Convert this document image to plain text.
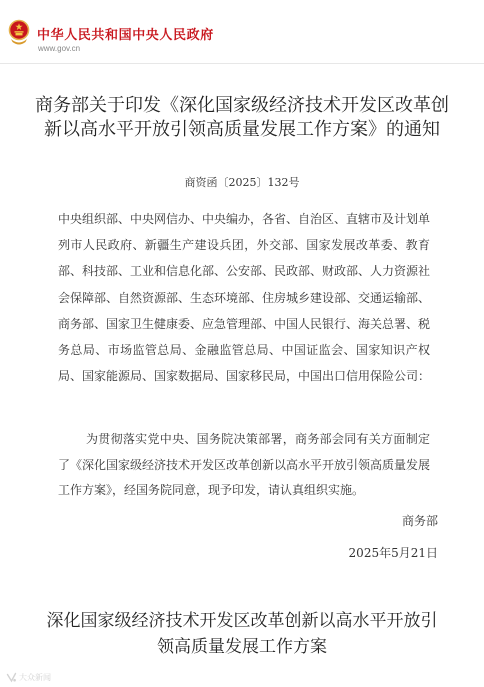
中华人民共和国中央人民政府
www.gov.cn
商务部关于印发《深化国家级经济技术开发区改革创新以高水平开放引领高质量发展工作方案》的通知
商资函〔2025〕132号

中央组织部、中央网信办、中央编办，各省、自治区、直辖市及计划单列市人民政府、新疆生产建设兵团，外交部、国家发展改革委、教育部、科技部、工业和信息化部、公安部、民政部、财政部、人力资源社会保障部、自然资源部、生态环境部、住房城乡建设部、交通运输部、商务部、国家卫生健康委、应急管理部、中国人民银行、海关总署、税务总局、市场监管总局、金融监管总局、中国证监会、国家知识产权局、国家能源局、国家数据局、国家移民局，中国出口信用保险公司：

为贯彻落实党中央、国务院决策部署，商务部会同有关方面制定了《深化国家级经济技术开发区改革创新以高水平开放引领高质量发展工作方案》，经国务院同意，现予印发，请认真组织实施。

商务部
2025年5月21日
深化国家级经济技术开发区改革创新以高水平开放引领高质量发展工作方案
大众新闻
